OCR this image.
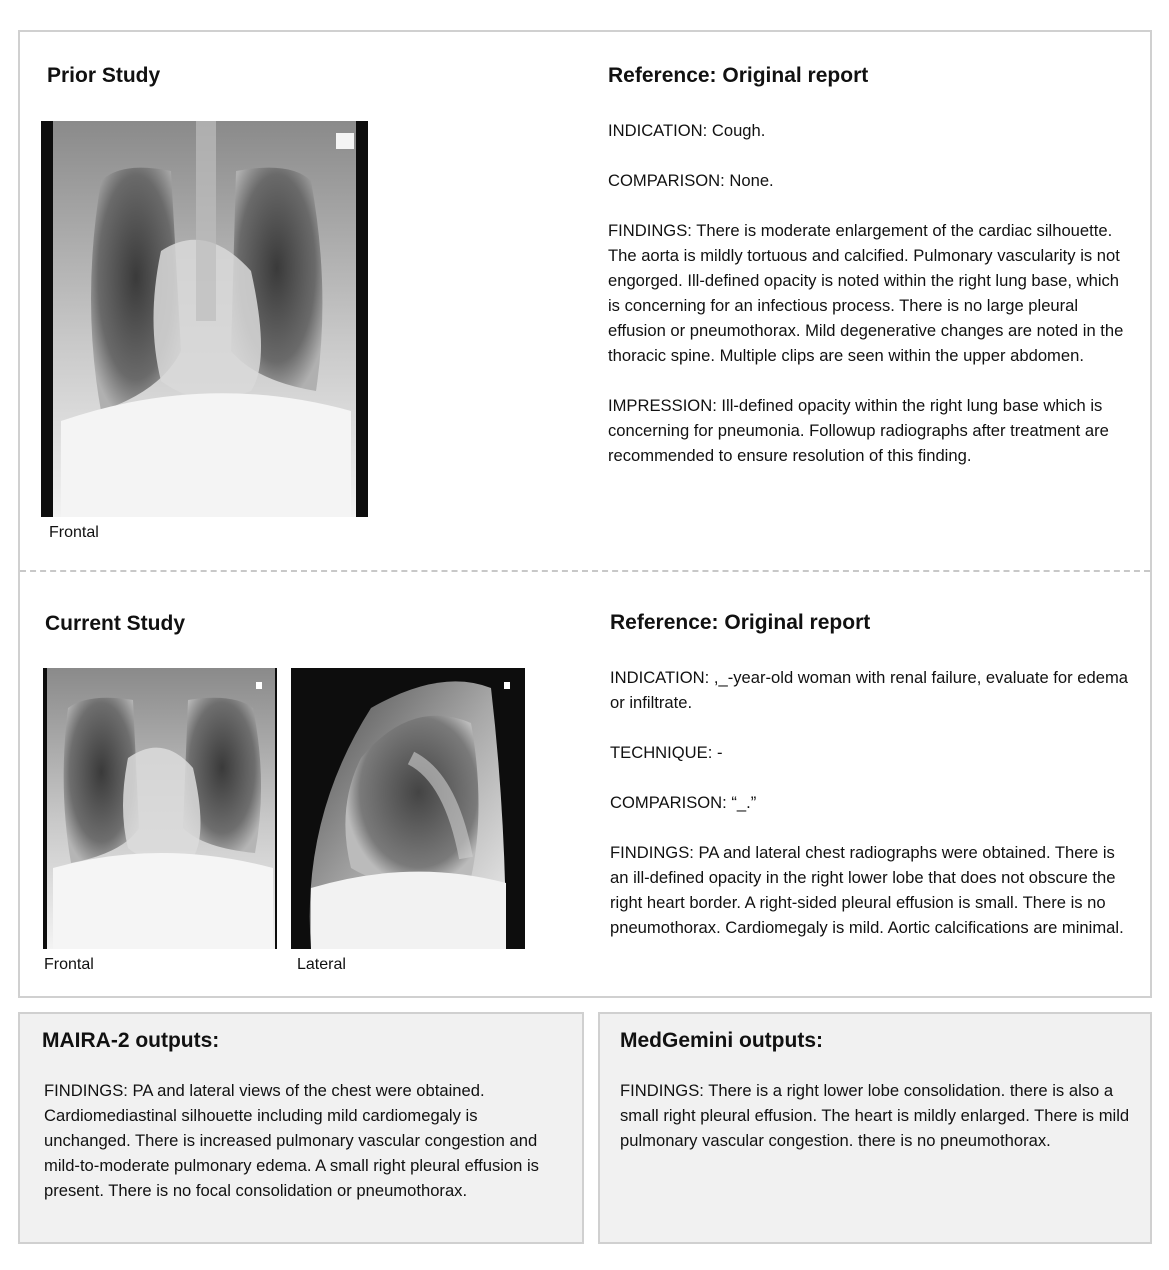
Prior Study
Frontal
Reference: Original report

INDICATION: Cough.

COMPARISON: None.

FINDINGS: There is moderate enlargement of the cardiac silhouette. The aorta is mildly tortuous and calcified. Pulmonary vascularity is not engorged. Ill-defined opacity is noted within the right lung base, which is concerning for an infectious process. There is no large pleural effusion or pneumothorax. Mild degenerative changes are noted in the thoracic spine. Multiple clips are seen within the upper abdomen.

IMPRESSION: Ill-defined opacity within the right lung base which is concerning for pneumonia. Followup radiographs after treatment are recommended to ensure resolution of this finding.

Current Study
Frontal	Lateral
Reference: Original report

INDICATION: ,_-year-old woman with renal failure, evaluate for edema or infiltrate.

TECHNIQUE: -

COMPARISON: “_.”

FINDINGS: PA and lateral chest radiographs were obtained. There is an ill-defined opacity in the right lower lobe that does not obscure the right heart border. A right-sided pleural effusion is small. There is no pneumothorax. Cardiomegaly is mild. Aortic calcifications are minimal.

MAIRA-2 outputs:
FINDINGS: PA and lateral views of the chest were obtained. Cardiomediastinal silhouette including mild cardiomegaly is unchanged. There is increased pulmonary vascular congestion and mild-to-moderate pulmonary edema. A small right pleural effusion is present. There is no focal consolidation or pneumothorax.
MedGemini outputs:
FINDINGS: There is a right lower lobe consolidation. there is also a small right pleural effusion. The heart is mildly enlarged. There is mild pulmonary vascular congestion. there is no pneumothorax.
